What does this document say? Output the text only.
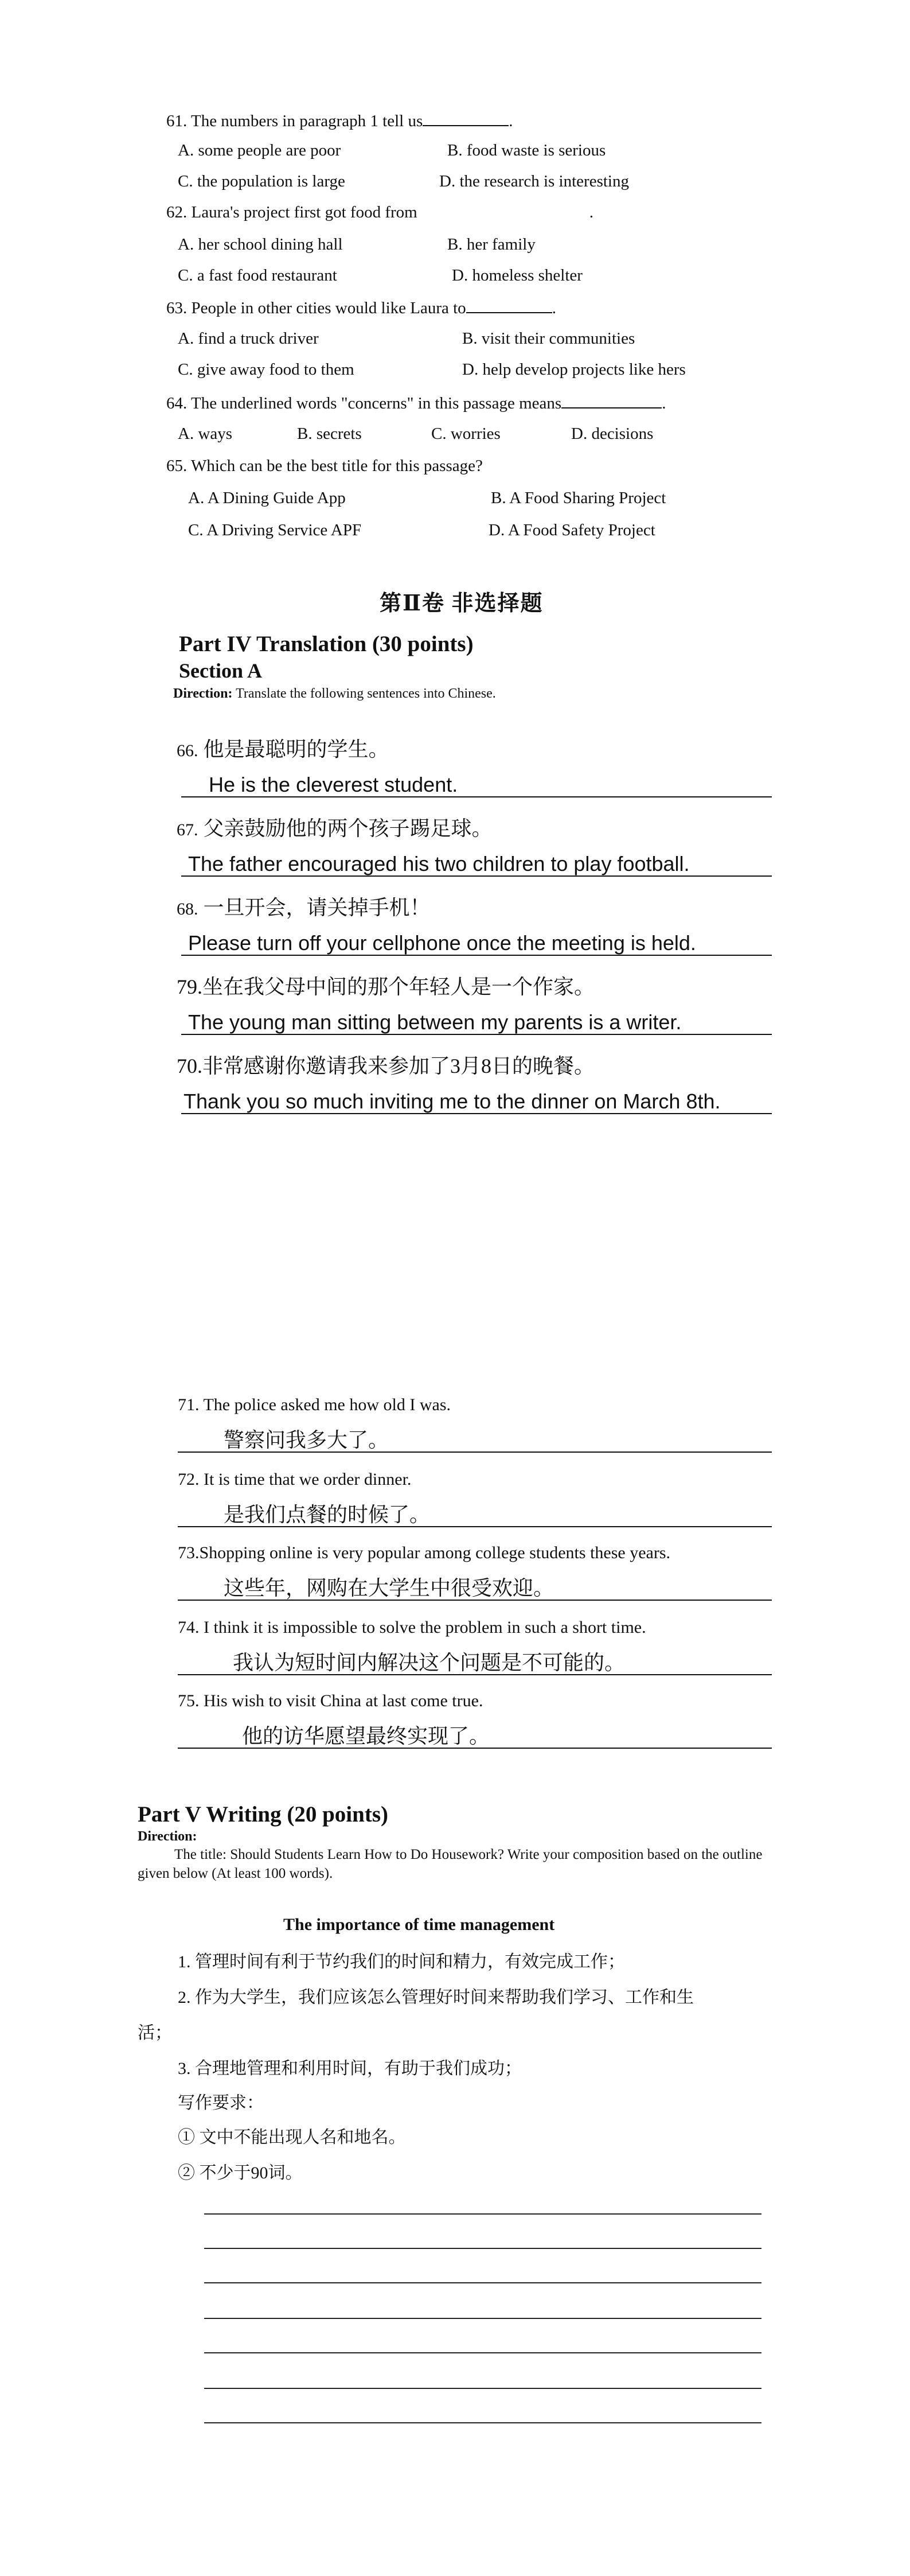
61. The numbers in paragraph 1 tell us	.
A. some people are poor	B. food waste is serious
C. the population is large	D. the research is interesting
62. Laura's project first got food from	.
A. her school dining hall	B. her family
C. a fast food restaurant	D. homeless shelter
63. People in other cities would like Laura to	.
A. find a truck driver	B. visit their communities
C. give away food to them	D. help develop projects like hers
64. The underlined words "concerns" in this passage means	.
A. ways	B. secrets	C. worries	D. decisions
65. Which can be the best title for this passage?
A. A Dining Guide App	B. A Food Sharing Project
C. A Driving Service APF	D. A Food Safety Project
第Ⅱ卷 非选择题
Part IV Translation (30 points)
Section A
Direction: Translate the following sentences into Chinese.
66. 他是最聪明的学生。
He is the cleverest student.
67. 父亲鼓励他的两个孩子踢足球。
The father encouraged his two children to play football.
68. 一旦开会，请关掉手机！
Please turn off your cellphone once the meeting is held.
79.坐在我父母中间的那个年轻人是一个作家。
The young man sitting between my parents is a writer.
70.非常感谢你邀请我来参加了3月8日的晚餐。
Thank you so much inviting me to the dinner on March 8th.
71. The police asked me how old I was.
警察问我多大了。
72. It is time that we order dinner.
是我们点餐的时候了。
73.Shopping online is very popular among college students these years.
这些年，网购在大学生中很受欢迎。
74. I think it is impossible to solve the problem in such a short time.
我认为短时间内解决这个问题是不可能的。
75. His wish to visit China at last come true.
他的访华愿望最终实现了。
Part V Writing (20 points)
Direction:
The title: Should Students Learn How to Do Housework? Write your composition based on the outline given below (At least 100 words).
The importance of time management
1. 管理时间有利于节约我们的时间和精力，有效完成工作；
2. 作为大学生，我们应该怎么管理好时间来帮助我们学习、工作和生
活；
3. 合理地管理和利用时间，有助于我们成功；
写作要求：
① 文中不能出现人名和地名。
② 不少于90词。
